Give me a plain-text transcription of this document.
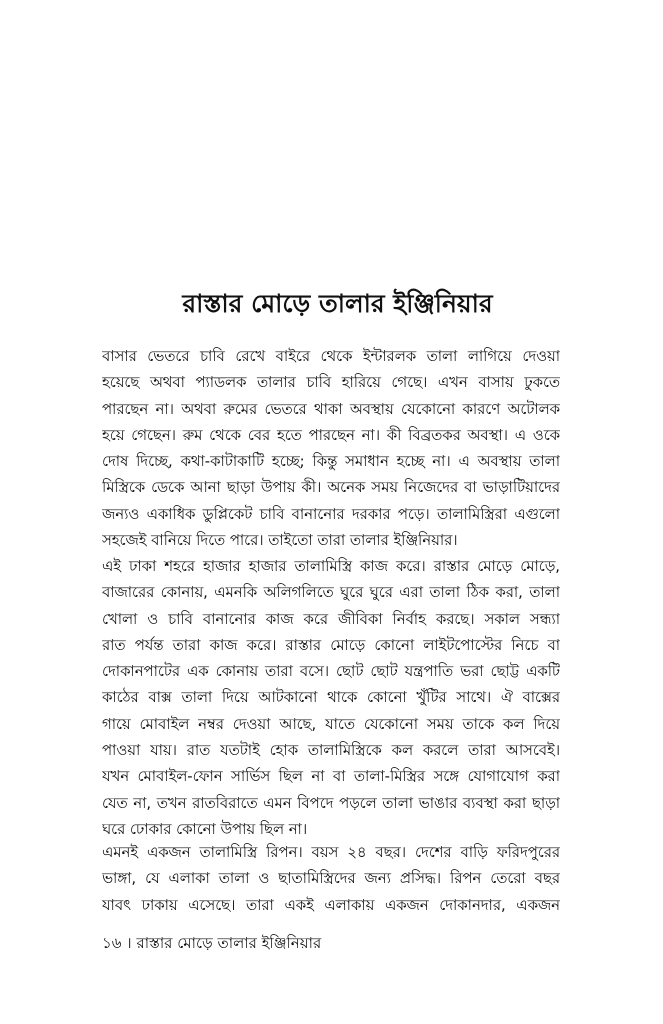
রাস্তার মোড়ে তালার ইঞ্জিনিয়ার
বাসার ভেতরে চাবি রেখে বাইরে থেকে ইন্টারলক তালা লাগিয়ে দেওয়া
হয়েছে অথবা প্যাডলক তালার চাবি হারিয়ে গেছে। এখন বাসায় ঢুকতে
পারছেন না। অথবা রুমের ভেতরে থাকা অবস্থায় যেকোনো কারণে অটোলক
হয়ে গেছেন। রুম থেকে বের হতে পারছেন না। কী বিব্রতকর অবস্থা। এ ওকে
দোষ দিচ্ছে, কথা-কাটাকাটি হচ্ছে; কিন্তু সমাধান হচ্ছে না। এ অবস্থায় তালা
মিস্ত্রিকে ডেকে আনা ছাড়া উপায় কী। অনেক সময় নিজেদের বা ভাড়াটিয়াদের
জন্যও একাধিক ডুপ্লিকেট চাবি বানানোর দরকার পড়ে। তালামিস্ত্রিরা এগুলো
সহজেই বানিয়ে দিতে পারে। তাইতো তারা তালার ইঞ্জিনিয়ার।
এই ঢাকা শহরে হাজার হাজার তালামিস্ত্রি কাজ করে। রাস্তার মোড়ে মোড়ে,
বাজারের কোনায়, এমনকি অলিগলিতে ঘুরে ঘুরে এরা তালা ঠিক করা, তালা
খোলা ও চাবি বানানোর কাজ করে জীবিকা নির্বাহ করছে। সকাল সন্ধ্যা
রাত পর্যন্ত তারা কাজ করে। রাস্তার মোড়ে কোনো লাইটপোস্টের নিচে বা
দোকানপাটের এক কোনায় তারা বসে। ছোট ছোট যন্ত্রপাতি ভরা ছোট্ট একটি
কাঠের বাক্স তালা দিয়ে আটকানো থাকে কোনো খুঁটির সাথে। ঐ বাক্সের
গায়ে মোবাইল নম্বর দেওয়া আছে, যাতে যেকোনো সময় তাকে কল দিয়ে
পাওয়া যায়। রাত যতটাই হোক তালামিস্ত্রিকে কল করলে তারা আসবেই।
যখন মোবাইল-ফোন সার্ভিস ছিল না বা তালা-মিস্ত্রির সঙ্গে যোগাযোগ করা
যেত না, তখন রাতবিরাতে এমন বিপদে পড়লে তালা ভাঙার ব্যবস্থা করা ছাড়া
ঘরে ঢোকার কোনো উপায় ছিল না।
এমনই একজন তালামিস্ত্রি রিপন। বয়স ২৪ বছর। দেশের বাড়ি ফরিদপুরের
ভাঙ্গা, যে এলাকা তালা ও ছাতামিস্ত্রিদের জন্য প্রসিদ্ধ। রিপন তেরো বছর
যাবৎ ঢাকায় এসেছে। তারা একই এলাকায় একজন দোকানদার, একজন
১৬ । রাস্তার মোড়ে তালার ইঞ্জিনিয়ার
